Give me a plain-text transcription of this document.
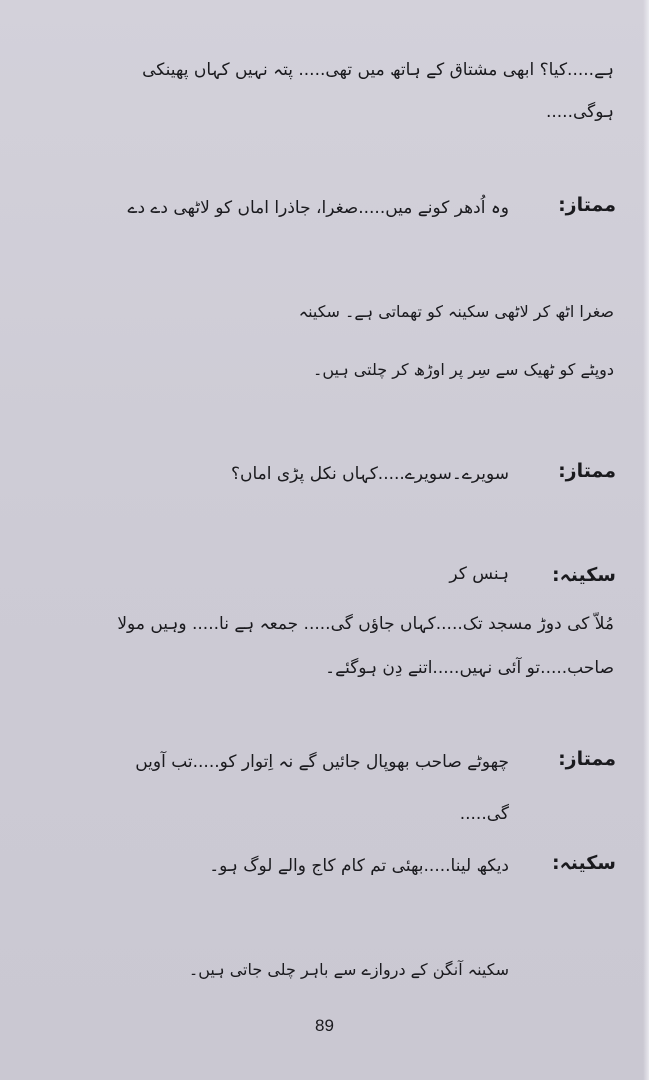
ہے.....کیا؟ ابھی مشتاق کے ہاتھ میں تھی..... پتہ نہیں کہاں پھینکی
ہوگی.....
ممتاز:
وہ اُدھر کونے میں.....صغرا، جاذرا اماں کو لاٹھی دے دے
صغرا اٹھ کر لاٹھی سکینہ کو تھماتی ہے۔ سکینہ
دوپٹے کو ٹھیک سے سِر پر اوڑھ کر چلتی ہیں۔
ممتاز:
سویرے۔سویرے.....کہاں نکل پڑی اماں؟
سکینہ:
ہنس کر
مُلاّ کی دوڑ مسجد تک.....کہاں جاؤں گی..... جمعہ ہے نا..... وہیں مولا
صاحب.....تو آئی نہیں.....اتنے دِن ہوگئے۔
ممتاز:
چھوٹے صاحب بھوپال جائیں گے نہ اِتوار کو.....تب آویں
گی.....
سکینہ:
دیکھ لینا.....بھئی تم کام کاج والے لوگ ہو۔
سکینہ آنگن کے دروازے سے باہر چلی جاتی ہیں۔
89
